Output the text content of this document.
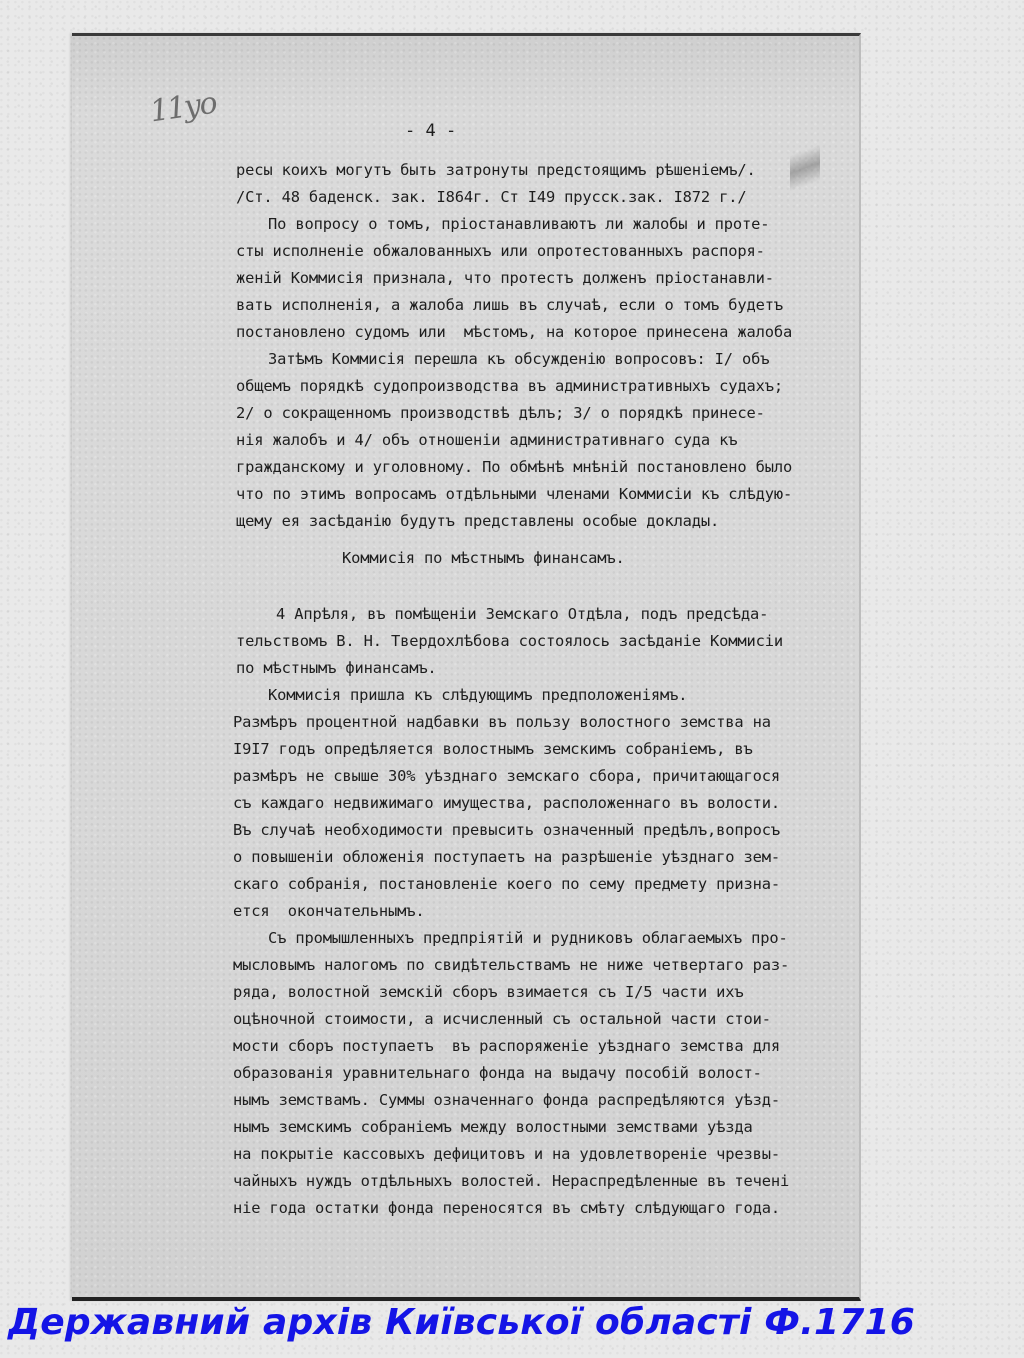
11уо
- 4 -
ресы коихъ могутъ быть затронуты предстоящимъ рѣшеніемъ/.
/Ст. 48 баденск. зак. I864г. Ст I49 прусск.зак. I872 г./
По вопросу о томъ, пріостанавливаютъ ли жалобы и проте-
сты исполненіе обжалованныхъ или опротестованныхъ распоря-
женій Коммисія признала, что протестъ долженъ пріостанавли-
вать исполненія, а жалоба лишь въ случаѣ, если о томъ будетъ
постановлено судомъ или  мѣстомъ, на которое принесена жалоба
Затѣмъ Коммисія перешла къ обсужденію вопросовъ: I/ объ
общемъ порядкѣ судопроизводства въ административныхъ судахъ;
2/ о сокращенномъ производствѣ дѣлъ; 3/ о порядкѣ принесе-
нія жалобъ и 4/ объ отношеніи административнаго суда къ
гражданскому и уголовному. По обмѣнѣ мнѣній постановлено было
что по этимъ вопросамъ отдѣльными членами Коммисіи къ слѣдую-
щему ея засѣданію будутъ представлены особые доклады.
Коммисія по мѣстнымъ финансамъ.
4 Апрѣля, въ помѣщеніи Земскаго Отдѣла, подъ предсѣда-
тельствомъ В. Н. Твердохлѣбова состоялось засѣданіе Коммисіи
по мѣстнымъ финансамъ.
Коммисія пришла къ слѣдующимъ предположеніямъ.
Размѣръ процентной надбавки въ пользу волостного земства на
I9I7 годъ опредѣляется волостнымъ земскимъ собраніемъ, въ
размѣръ не свыше 30% уѣзднаго земскаго сбора, причитающагося
съ каждаго недвижимаго имущества, расположеннаго въ волости.
Въ случаѣ необходимости превысить означенный предѣлъ,вопросъ
о повышеніи обложенія поступаетъ на разрѣшеніе уѣзднаго зем-
скаго собранія, постановленіе коего по сему предмету призна-
ется  окончательнымъ.
Съ промышленныхъ предпріятій и рудниковъ облагаемыхъ про-
мысловымъ налогомъ по свидѣтельствамъ не ниже четвертаго раз-
ряда, волостной земскій сборъ взимается съ I/5 части ихъ
оцѣночной стоимости, а исчисленный съ остальной части стои-
мости сборъ поступаетъ  въ распоряженіе уѣзднаго земства для
образованія уравнительнаго фонда на выдачу пособій волост-
нымъ земствамъ. Суммы означеннаго фонда распредѣляются уѣзд-
нымъ земскимъ собраніемъ между волостными земствами уѣзда
на покрытіе кассовыхъ дефицитовъ и на удовлетвореніе чрезвы-
чайныхъ нуждъ отдѣльныхъ волостей. Нераспредѣленные въ течені
ніе года остатки фонда переносятся въ смѣту слѣдующаго года.
Державний архів Київської області Ф.1716
